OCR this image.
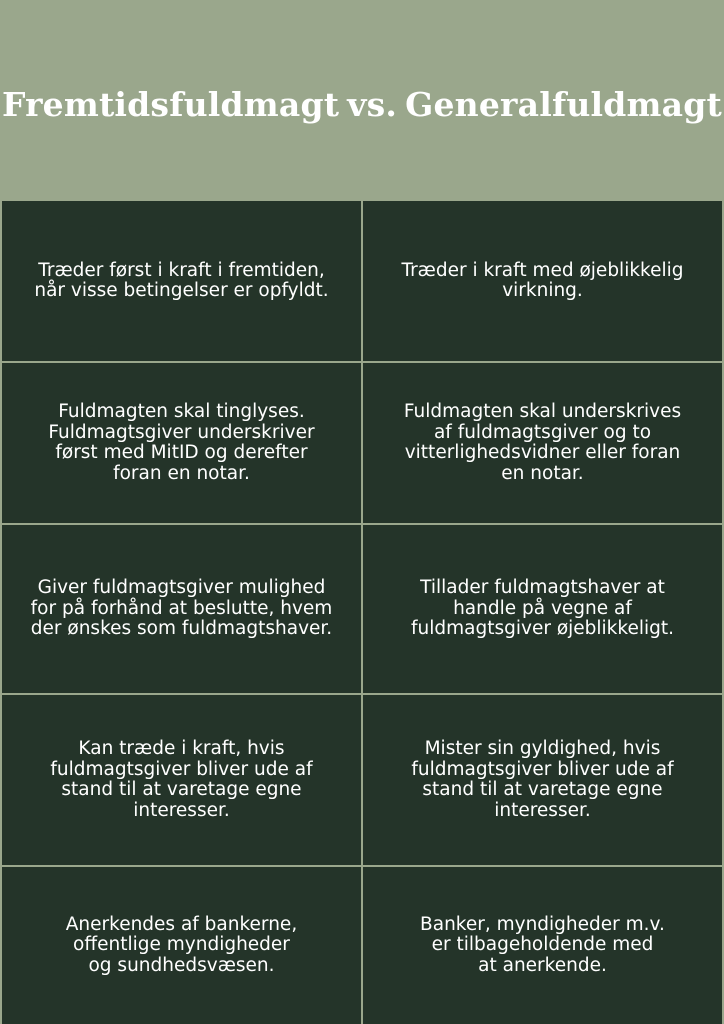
Fremtidsfuldmagt vs. Generalfuldmagt
Træder først i kraft i fremtiden,
når visse betingelser er opfyldt.
Træder i kraft med øjeblikkelig
virkning.
Fuldmagten skal tinglyses.
Fuldmagtsgiver underskriver
først med MitID og derefter
foran en notar.
Fuldmagten skal underskrives
af fuldmagtsgiver og to
vitterlighedsvidner eller foran
en notar.
Giver fuldmagtsgiver mulighed
for på forhånd at beslutte, hvem
der ønskes som fuldmagtshaver.
Tillader fuldmagtshaver at
handle på vegne af
fuldmagtsgiver øjeblikkeligt.
Kan træde i kraft, hvis
fuldmagtsgiver bliver ude af
stand til at varetage egne
interesser.
Mister sin gyldighed, hvis
fuldmagtsgiver bliver ude af
stand til at varetage egne
interesser.
Anerkendes af bankerne,
offentlige myndigheder
og sundhedsvæsen.
Banker, myndigheder m.v.
er tilbageholdende med
at anerkende.
